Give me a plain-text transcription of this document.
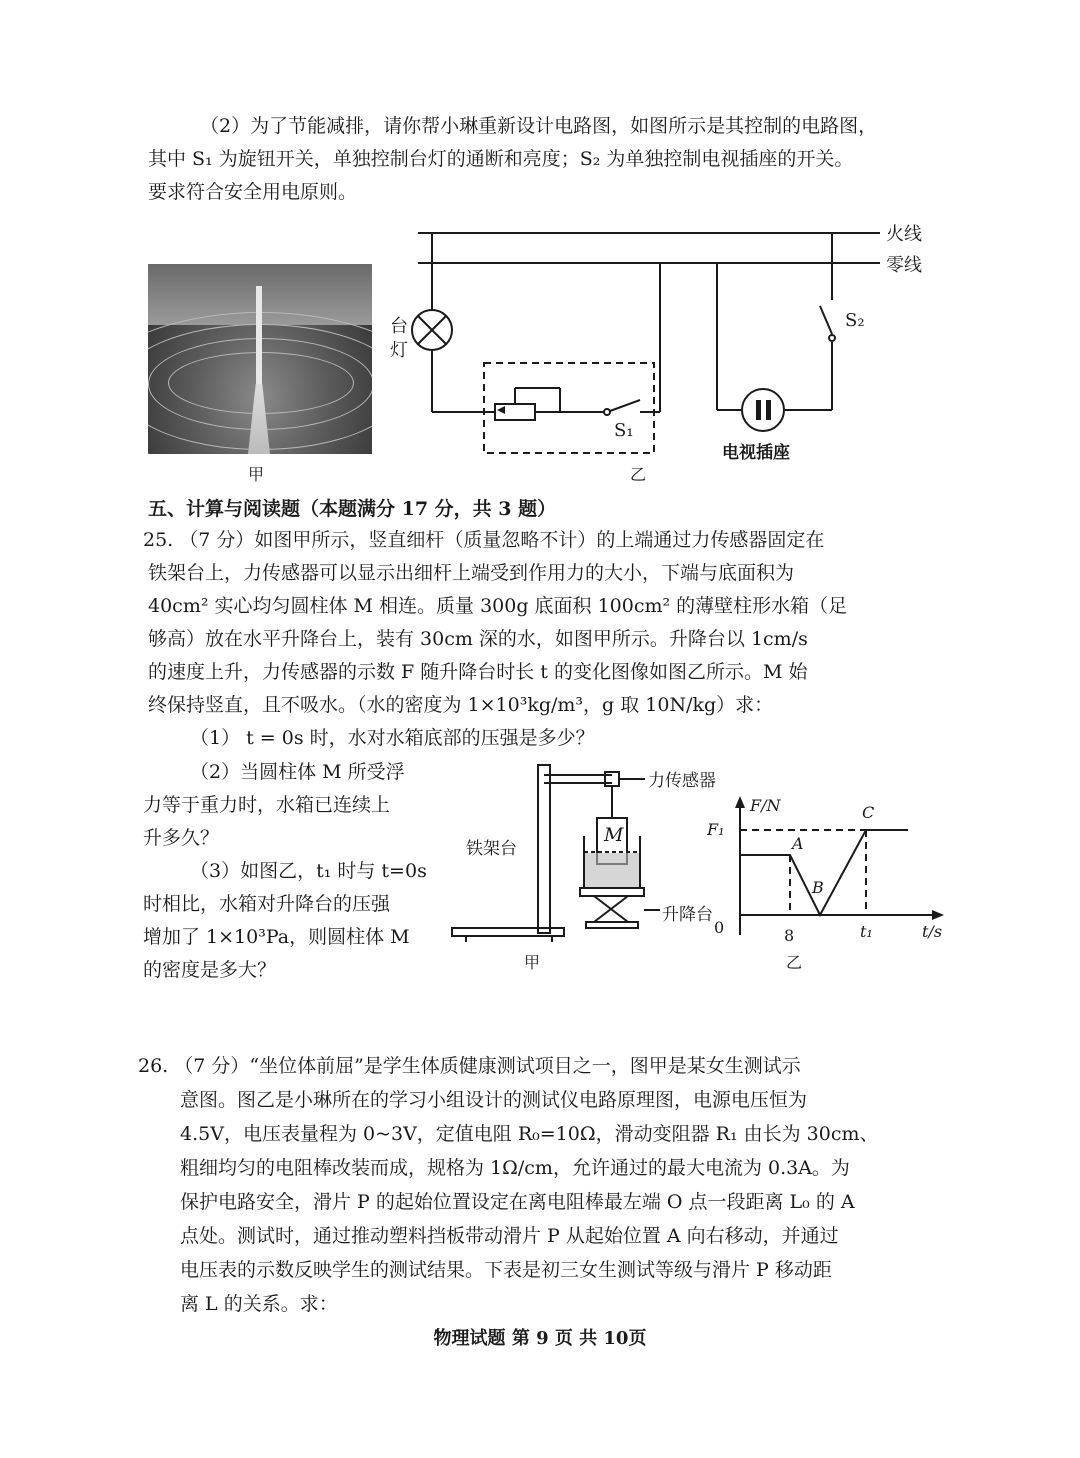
（2）为了节能减排，请你帮小琳重新设计电路图，如图所示是其控制的电路图，

其中 S₁ 为旋钮开关，单独控制台灯的通断和亮度；S₂ 为单独控制电视插座的开关。

要求符合安全用电原则。

甲
火线
零线
台
灯
S₁
S₂
电视插座
乙
五、计算与阅读题（本题满分 17 分，共 3 题）

25. （7 分）如图甲所示，竖直细杆（质量忽略不计）的上端通过力传感器固定在

铁架台上，力传感器可以显示出细杆上端受到作用力的大小，下端与底面积为

40cm² 实心均匀圆柱体 M 相连。质量 300g 底面积 100cm² 的薄壁柱形水箱（足

够高）放在水平升降台上，装有 30cm 深的水，如图甲所示。升降台以 1cm/s

的速度上升，力传感器的示数 F 随升降台时长 t 的变化图像如图乙所示。M 始

终保持竖直，且不吸水。（水的密度为 1×10³kg/m³，g 取 10N/kg）求：

（1） t = 0s 时，水对水箱底部的压强是多少？

（2）当圆柱体 M 所受浮

力等于重力时，水箱已连续上

升多久？

（3）如图乙，t₁ 时与 t=0s

时相比，水箱对升降台的压强

增加了 1×10³Pa，则圆柱体 M

的密度是多大？

力传感器
铁架台
M
升降台
甲
F/N
t/s
F₁
A
B
C
0	8	t₁
乙

26. （7 分）“坐位体前屈”是学生体质健康测试项目之一，图甲是某女生测试示

意图。图乙是小琳所在的学习小组设计的测试仪电路原理图，电源电压恒为

4.5V，电压表量程为 0~3V，定值电阻 R₀=10Ω，滑动变阻器 R₁ 由长为 30cm、

粗细均匀的电阻棒改装而成，规格为 1Ω/cm，允许通过的最大电流为 0.3A。为

保护电路安全，滑片 P 的起始位置设定在离电阻棒最左端 O 点一段距离 L₀ 的 A

点处。测试时，通过推动塑料挡板带动滑片 P 从起始位置 A 向右移动，并通过

电压表的示数反映学生的测试结果。下表是初三女生测试等级与滑片 P 移动距

离 L 的关系。求：

物理试题 第 9 页 共 10页
